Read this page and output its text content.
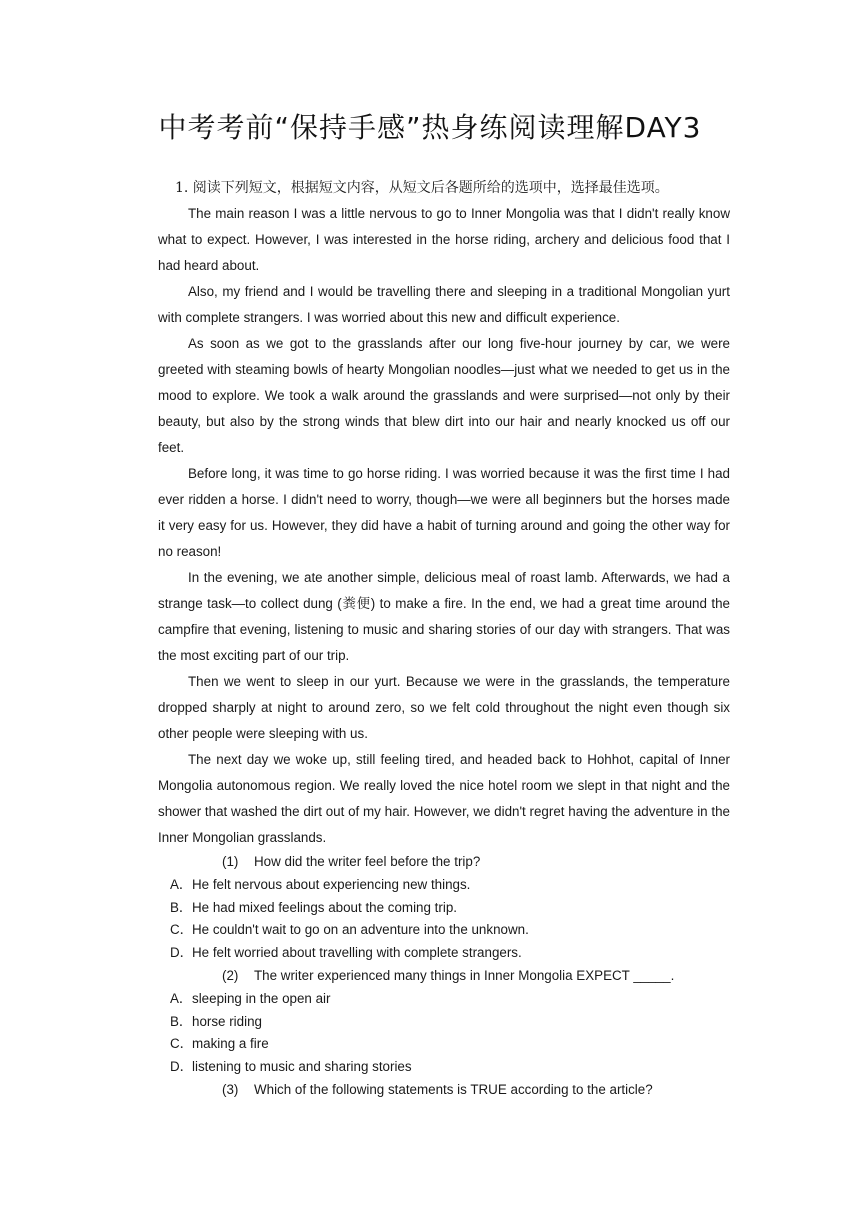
中考考前“保持手感”热身练阅读理解DAY3
1. 阅读下列短文，根据短文内容，从短文后各题所给的选项中，选择最佳选项。

The main reason I was a little nervous to go to Inner Mongolia was that I didn't really know what to expect. However, I was interested in the horse riding, archery and delicious food that I had heard about.

Also, my friend and I would be travelling there and sleeping in a traditional Mongolian yurt with complete strangers. I was worried about this new and difficult experience.

As soon as we got to the grasslands after our long five-hour journey by car, we were greeted with steaming bowls of hearty Mongolian noodles—just what we needed to get us in the mood to explore. We took a walk around the grasslands and were surprised—not only by their beauty, but also by the strong winds that blew dirt into our hair and nearly knocked us off our feet.

Before long, it was time to go horse riding. I was worried because it was the first time I had ever ridden a horse. I didn't need to worry, though—we were all beginners but the horses made it very easy for us. However, they did have a habit of turning around and going the other way for no reason!

In the evening, we ate another simple, delicious meal of roast lamb. Afterwards, we had a strange task—to collect dung (粪便) to make a fire. In the end, we had a great time around the campfire that evening, listening to music and sharing stories of our day with strangers. That was the most exciting part of our trip.

Then we went to sleep in our yurt. Because we were in the grasslands, the temperature dropped sharply at night to around zero, so we felt cold throughout the night even though six other people were sleeping with us.

The next day we woke up, still feeling tired, and headed back to Hohhot, capital of Inner Mongolia autonomous region. We really loved the nice hotel room we slept in that night and the shower that washed the dirt out of my hair. However, we didn't regret having the adventure in the Inner Mongolian grasslands.

(1) How did the writer feel before the trip?
A．He felt nervous about experiencing new things.
B．He had mixed feelings about the coming trip.
C．He couldn't wait to go on an adventure into the unknown.
D．He felt worried about travelling with complete strangers.
(2) The writer experienced many things in Inner Mongolia EXPECT _____.
A．sleeping in the open air
B．horse riding
C．making a fire
D．listening to music and sharing stories
(3) Which of the following statements is TRUE according to the article?
